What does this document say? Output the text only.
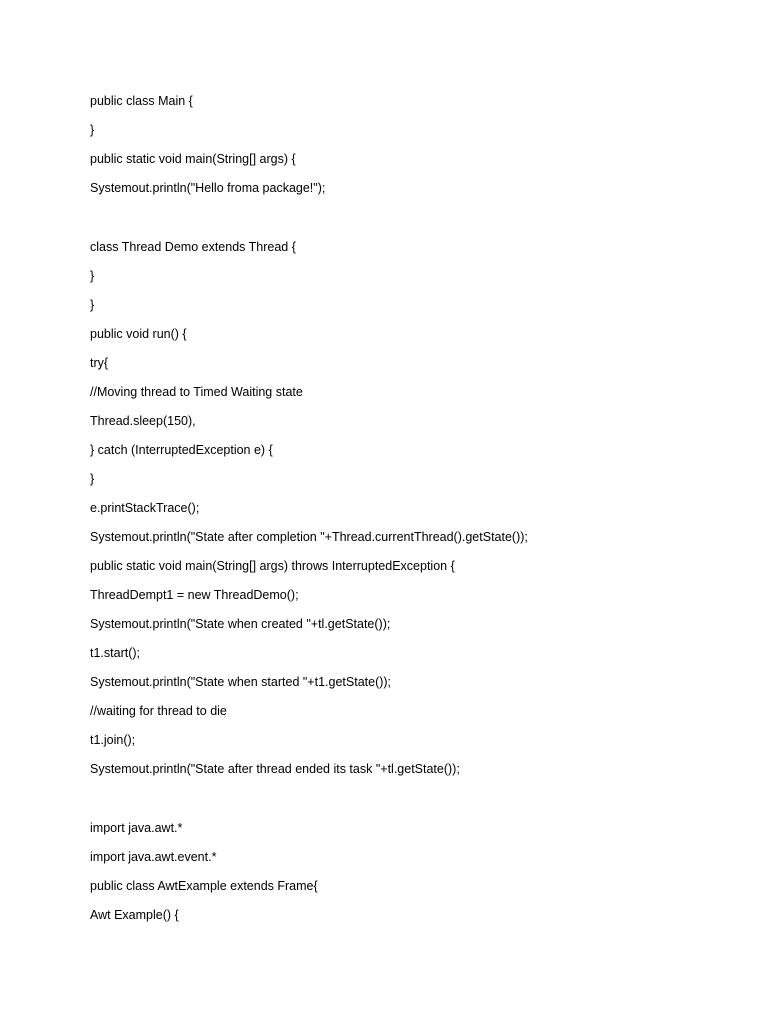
public class Main {
}
public static void main(String[] args) {
Systemout.println("Hello froma package!");
class Thread Demo extends Thread {
}
}
public void run() {
try{
//Moving thread to Timed Waiting state
Thread.sleep(150),
} catch (InterruptedException e) {
}
e.printStackTrace();
Systemout.println("State after completion "+Thread.currentThread().getState());
public static void main(String[] args) throws InterruptedException {
ThreadDempt1 = new ThreadDemo();
Systemout.println("State when created "+tl.getState());
t1.start();
Systemout.println("State when started "+t1.getState());
//waiting for thread to die
t1.join();
Systemout.println("State after thread ended its task "+tl.getState());
import java.awt.*
import java.awt.event.*
public class AwtExample extends Frame{
Awt Example() {
